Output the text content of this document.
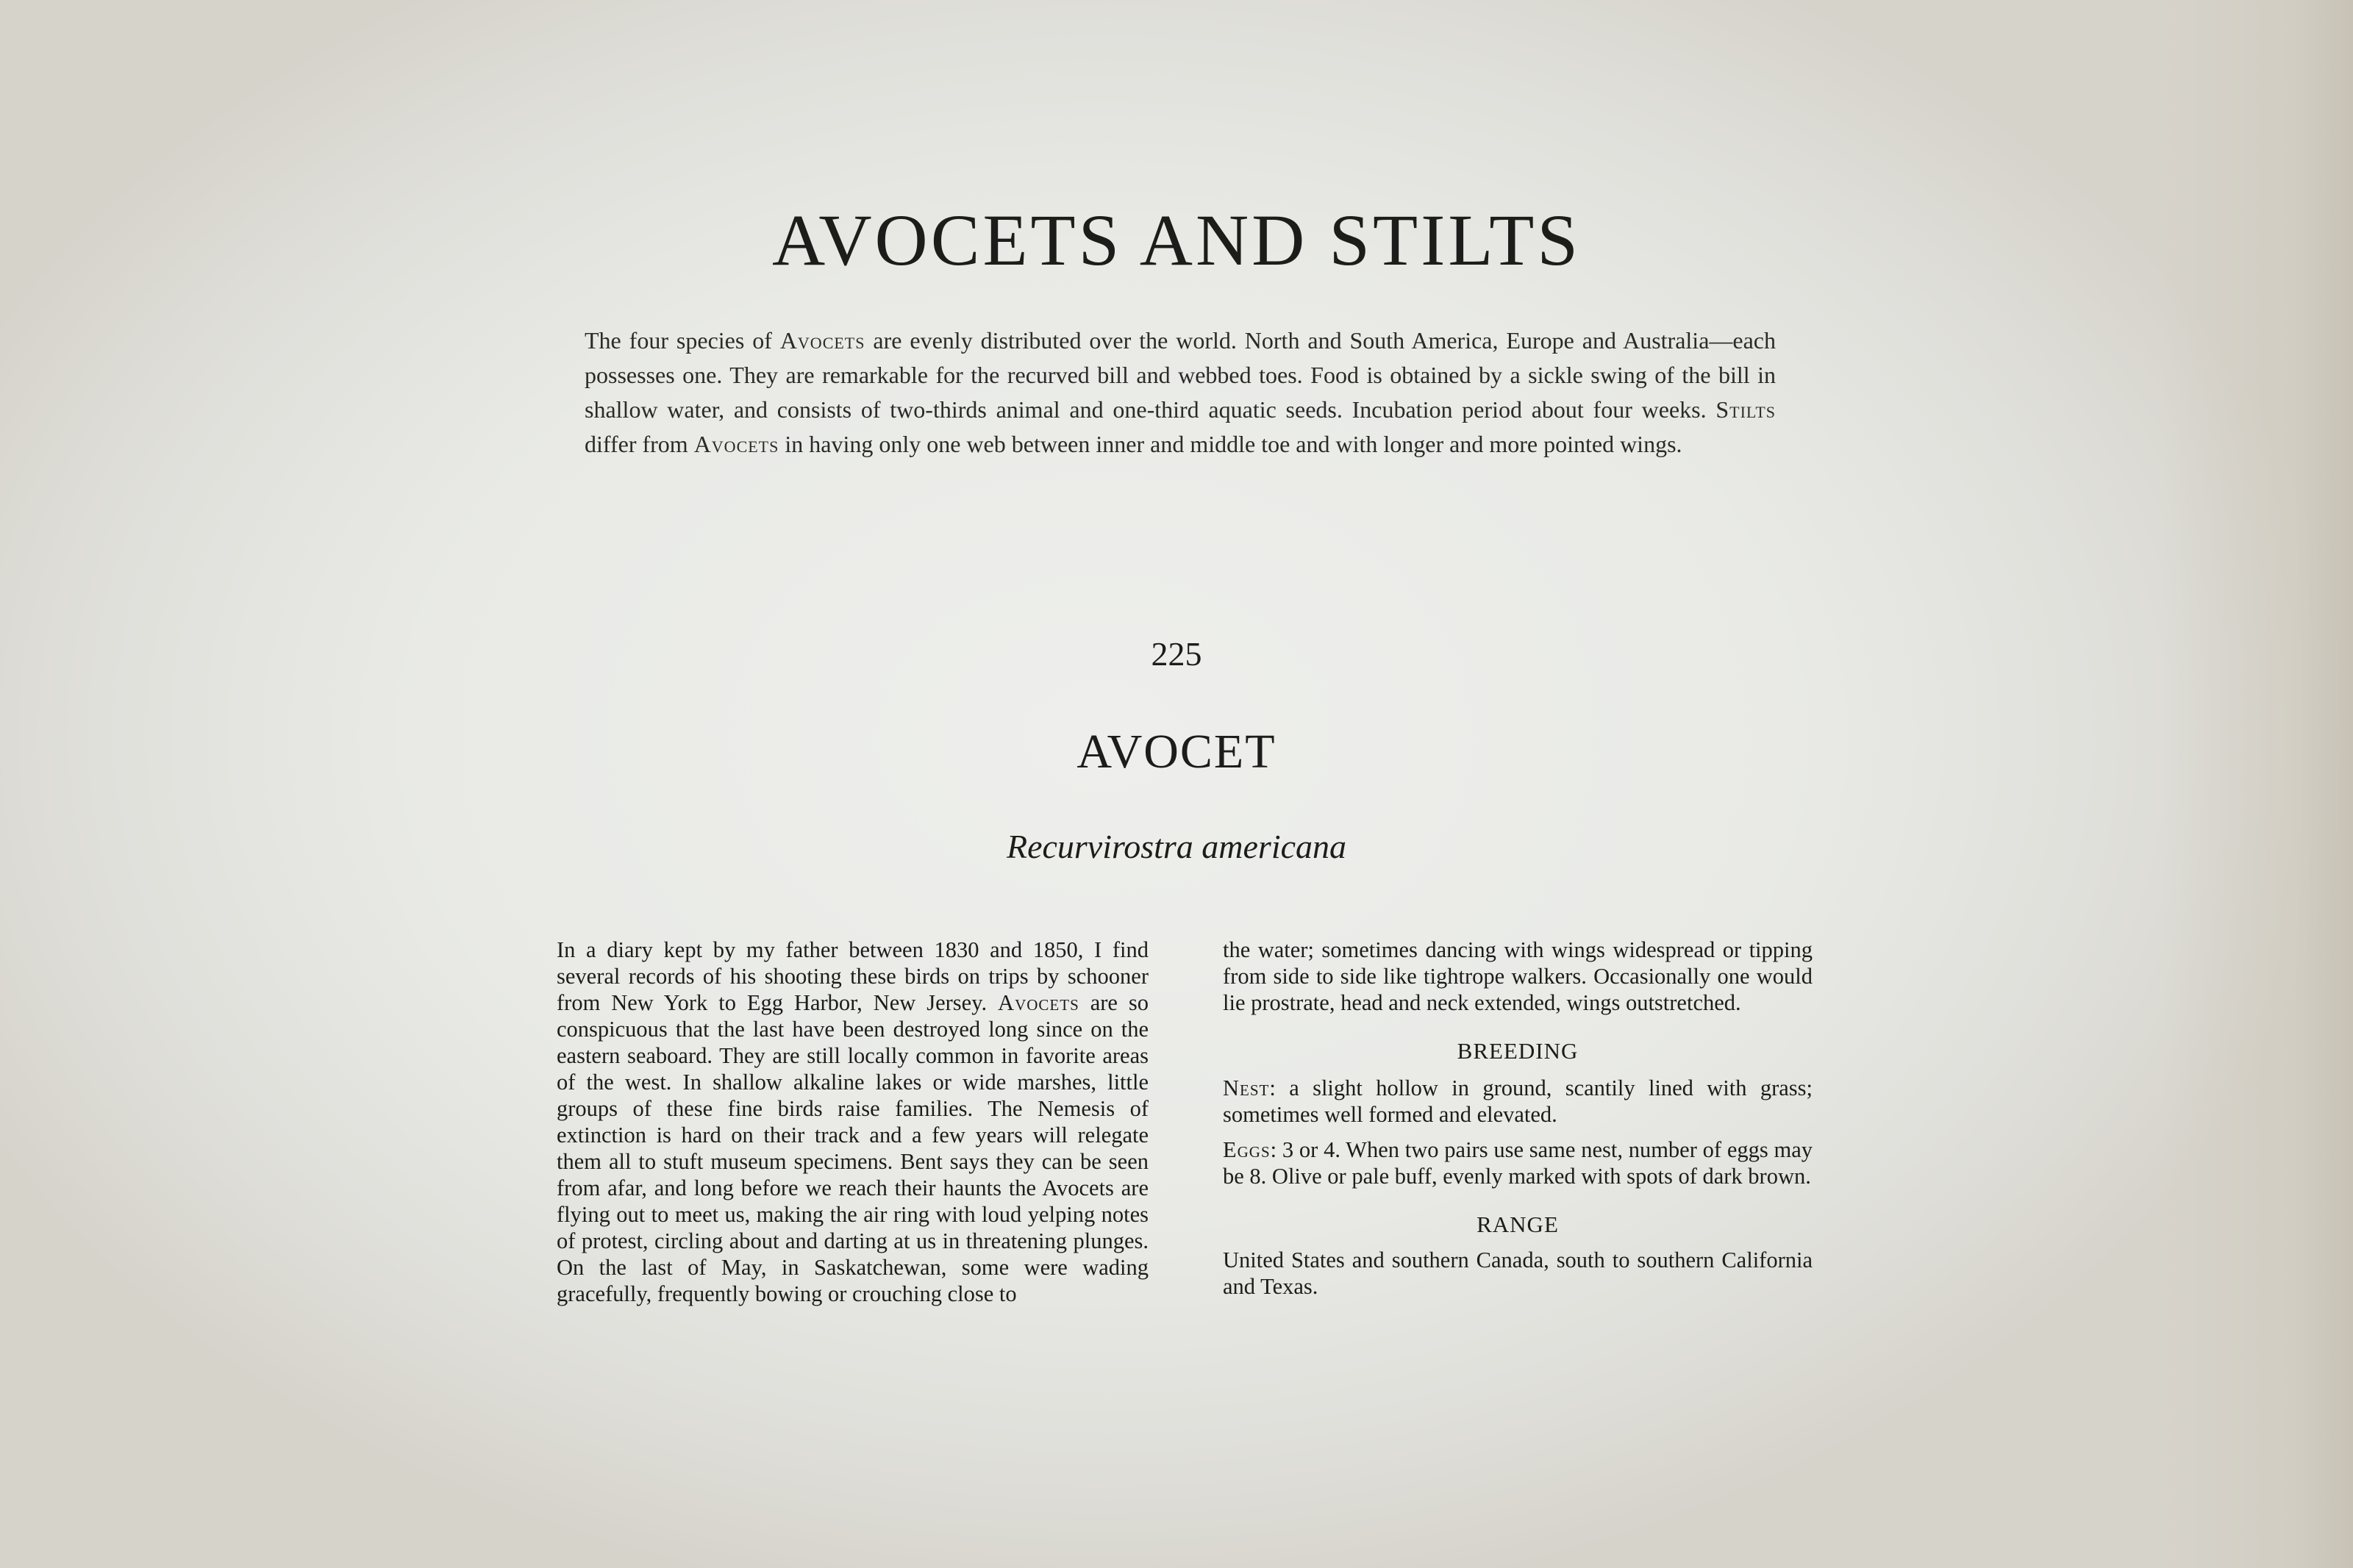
AVOCETS AND STILTS

The four species of Avocets are evenly distributed over the world. North and South America, Europe and Australia—each possesses one. They are remarkable for the recurved bill and webbed toes. Food is obtained by a sickle swing of the bill in shallow water, and consists of two-thirds animal and one-third aquatic seeds. Incubation period about four weeks. Stilts differ from Avocets in having only one web between inner and middle toe and with longer and more pointed wings.

225
AVOCET
Recurvirostra americana

In a diary kept by my father between 1830 and 1850, I find several records of his shooting these birds on trips by schooner from New York to Egg Harbor, New Jersey. Avocets are so conspicuous that the last have been destroyed long since on the eastern seaboard. They are still locally common in favorite areas of the west. In shallow alkaline lakes or wide marshes, little groups of these fine birds raise families. The Nemesis of extinction is hard on their track and a few years will relegate them all to stuft museum specimens. Bent says they can be seen from afar, and long before we reach their haunts the Avocets are flying out to meet us, making the air ring with loud yelping notes of protest, circling about and darting at us in threatening plunges. On the last of May, in Saskatchewan, some were wading gracefully, frequently bowing or crouching close to

the water; sometimes dancing with wings widespread or tipping from side to side like tightrope walkers. Occasionally one would lie prostrate, head and neck extended, wings outstretched.

BREEDING

Nest: a slight hollow in ground, scantily lined with grass; sometimes well formed and elevated.

Eggs: 3 or 4. When two pairs use same nest, number of eggs may be 8. Olive or pale buff, evenly marked with spots of dark brown.

RANGE

United States and southern Canada, south to southern California and Texas.
